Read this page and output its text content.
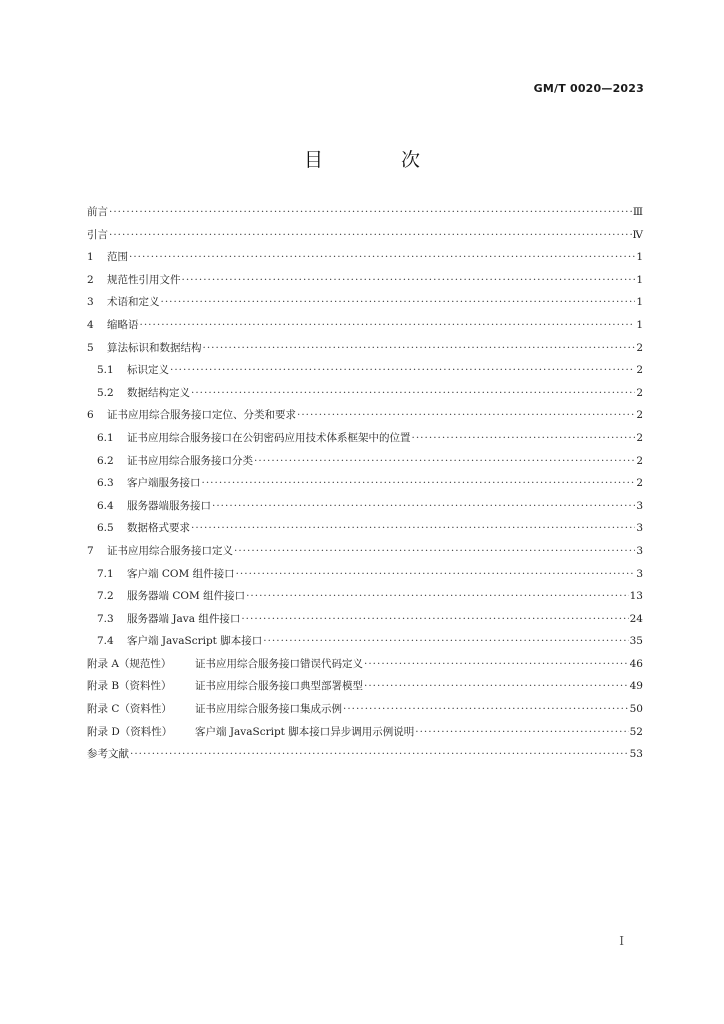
GM/T 0020—2023
目 次
前言 ·····	Ⅲ
引言 ·····	Ⅳ
1	范围 ·····	1
2	规范性引用文件 ·····	1
3	术语和定义 ·····	1
4	缩略语 ·····	1
5	算法标识和数据结构 ·····	2
5.1	标识定义 ·····	2
5.2	数据结构定义 ·····	2
6	证书应用综合服务接口定位、分类和要求 ·····	2
6.1	证书应用综合服务接口在公钥密码应用技术体系框架中的位置 ·····	2
6.2	证书应用综合服务接口分类 ·····	2
6.3	客户端服务接口 ·····	2
6.4	服务器端服务接口 ·····	3
6.5	数据格式要求 ·····	3
7	证书应用综合服务接口定义 ·····	3
7.1	客户端 COM 组件接口 ·····	3
7.2	服务器端 COM 组件接口 ·····	13
7.3	服务器端 Java 组件接口 ·····	24
7.4	客户端 JavaScript 脚本接口 ·····	35
附录 A（规范性）	证书应用综合服务接口错误代码定义 ·····	46
附录 B（资料性）	证书应用综合服务接口典型部署模型 ·····	49
附录 C（资料性）	证书应用综合服务接口集成示例 ·····	50
附录 D（资料性）	客户端 JavaScript 脚本接口异步调用示例说明 ·····	52
参考文献 ·····	53
Ⅰ
